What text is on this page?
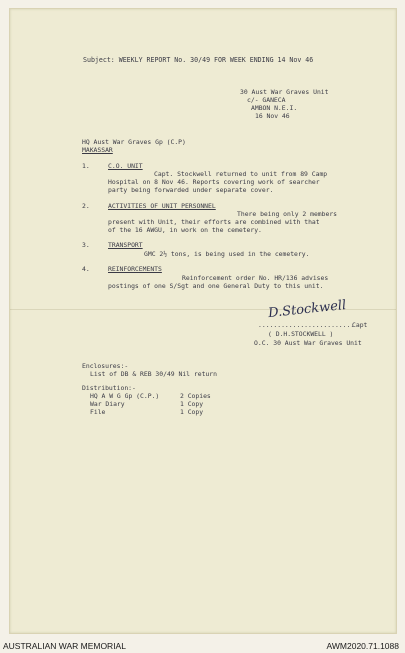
Subject: WEEKLY REPORT No. 30/49 FOR WEEK ENDING 14 Nov 46
30 Aust War Graves Unit
c/- GANECA
AMBON N.E.I.
16 Nov 46
HQ Aust War Graves Gp (C.P)
MAKASSAR
1.	C.O. UNIT
Capt. Stockwell returned to unit from 89 Camp
Hospital on 8 Nov 46. Reports covering work of searcher
party being forwarded under separate cover.
2.	ACTIVITIES OF UNIT PERSONNEL
There being only 2 members
present with Unit, their efforts are combined with that
of the 16 AWGU, in work on the cemetery.
3.	TRANSPORT
GMC 2½ tons, is being used in the cemetery.
4.	REINFORCEMENTS
Reinforcement order No. HR/136 advises
postings of one S/Sgt and one General Duty to this unit.
D.Stockwell
.........................
Capt
( D.H.STOCKWELL )
O.C. 30 Aust War Graves Unit
Enclosures:-
List of DB & REB 30/49 Nil return
Distribution:-
HQ A W G Gp (C.P.)	2 Copies
War Diary	1 Copy
File	1 Copy
AUSTRALIAN WAR MEMORIAL	AWM2020.71.1088
